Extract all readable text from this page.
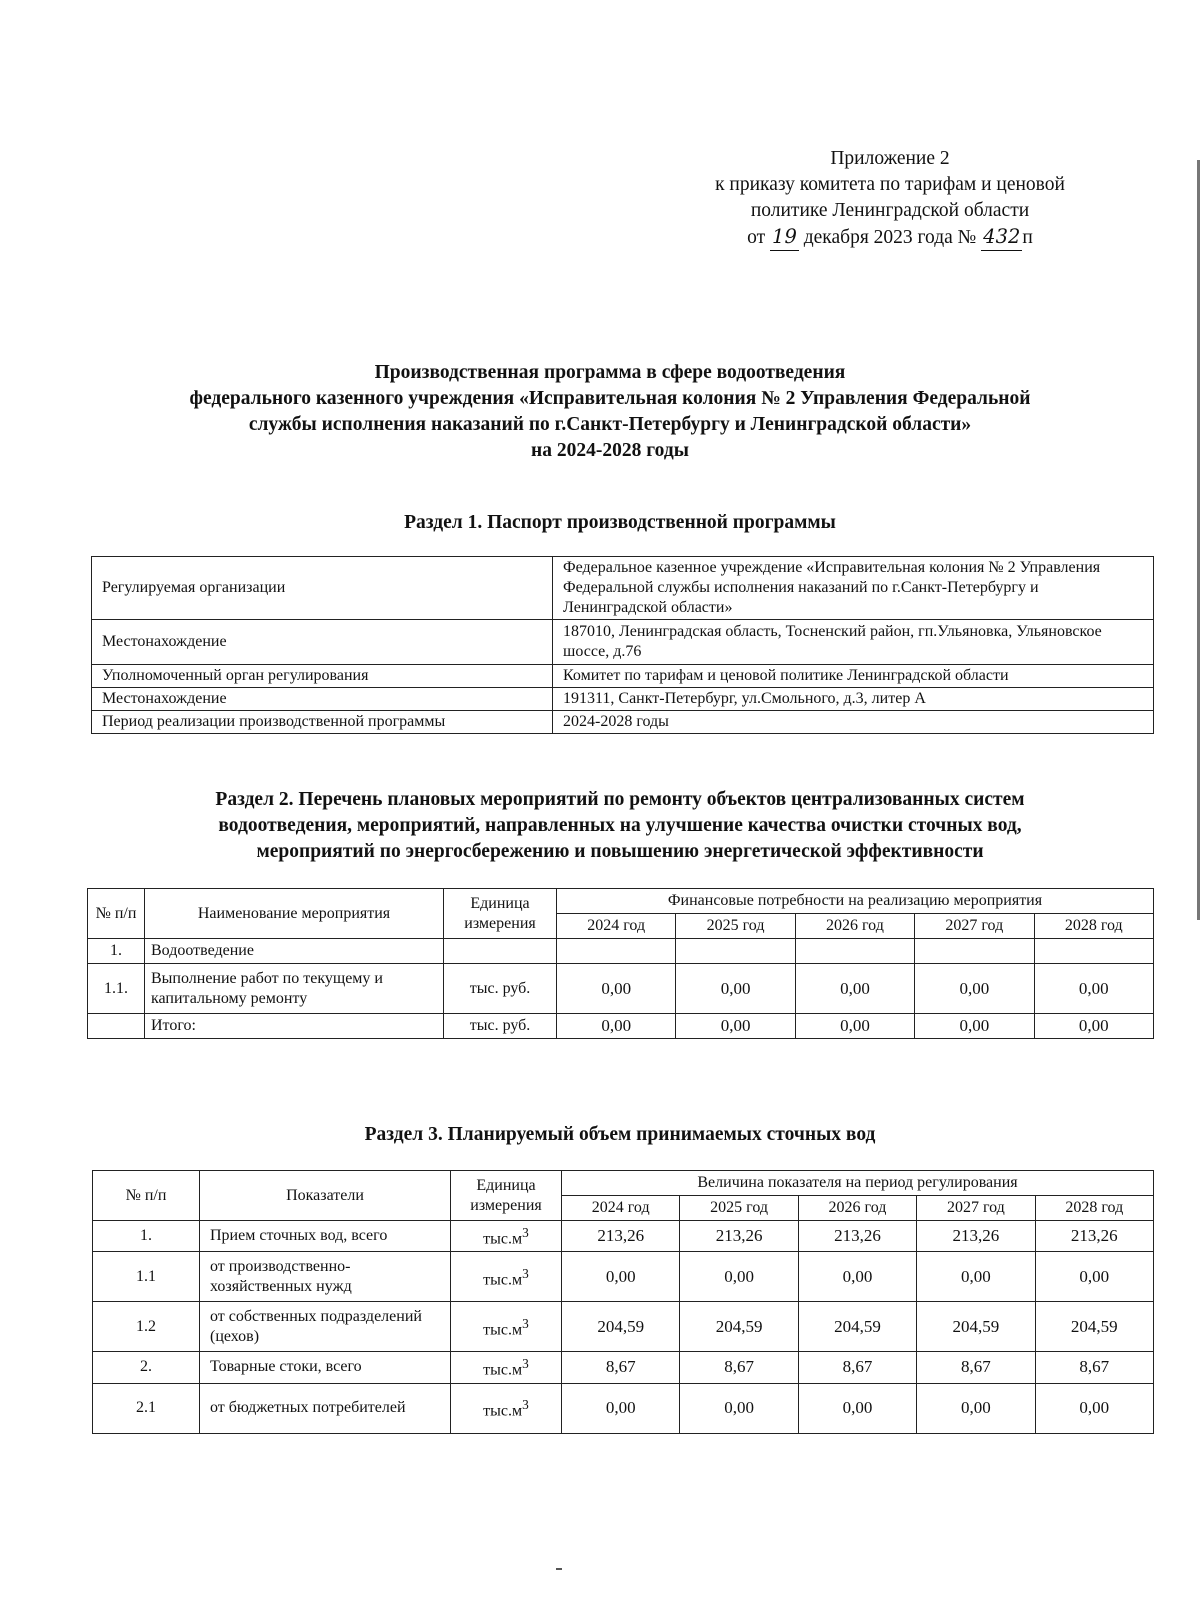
Приложение 2
к приказу комитета по тарифам и ценовой
политике Ленинградской области
от 19 декабря 2023 года № 432 п
Производственная программа в сфере водоотведения
федерального казенного учреждения «Исправительная колония № 2 Управления Федеральной
службы исполнения наказаний по г.Санкт-Петербургу и Ленинградской области»
на 2024-2028 годы
Раздел 1. Паспорт производственной программы
Регулируемая организации	Федеральное казенное учреждение «Исправительная колония № 2 Управления Федеральной службы исполнения наказаний по г.Санкт-Петербургу и Ленинградской области»
Местонахождение	187010, Ленинградская область, Тосненский район, гп.Ульяновка, Ульяновское шоссе, д.76
Уполномоченный орган регулирования	Комитет по тарифам и ценовой политике Ленинградской области
Местонахождение	191311, Санкт-Петербург, ул.Смольного, д.3, литер А
Период реализации производственной программы	2024-2028 годы
Раздел 2. Перечень плановых мероприятий по ремонту объектов централизованных систем
водоотведения, мероприятий, направленных на улучшение качества очистки сточных вод,
мероприятий по энергосбережению и повышению энергетической эффективности
№ п/п	Наименование мероприятия	Единица измерения	Финансовые потребности на реализацию мероприятия				
			2024 год	2025 год	2026 год	2027 год	2028 год
1.	Водоотведение						
1.1.	Выполнение работ по текущему и капитальному ремонту	тыс. руб.	0,00	0,00	0,00	0,00	0,00
	Итого:	тыс. руб.	0,00	0,00	0,00	0,00	0,00
Раздел 3. Планируемый объем принимаемых сточных вод
№ п/п	Показатели	Единица измерения	Величина показателя на период регулирования				
			2024 год	2025 год	2026 год	2027 год	2028 год
1.	Прием сточных вод, всего	$тыс.м^3$	213,26	213,26	213,26	213,26	213,26
1.1	от производственно-хозяйственных нужд	$тыс.м^3$	0,00	0,00	0,00	0,00	0,00
1.2	от собственных подразделений (цехов)	$тыс.м^3$	204,59	204,59	204,59	204,59	204,59
2.	Товарные стоки, всего	$тыс.м^3$	8,67	8,67	8,67	8,67	8,67
2.1	от бюджетных потребителей	$тыс.м^3$	0,00	0,00	0,00	0,00	0,00
